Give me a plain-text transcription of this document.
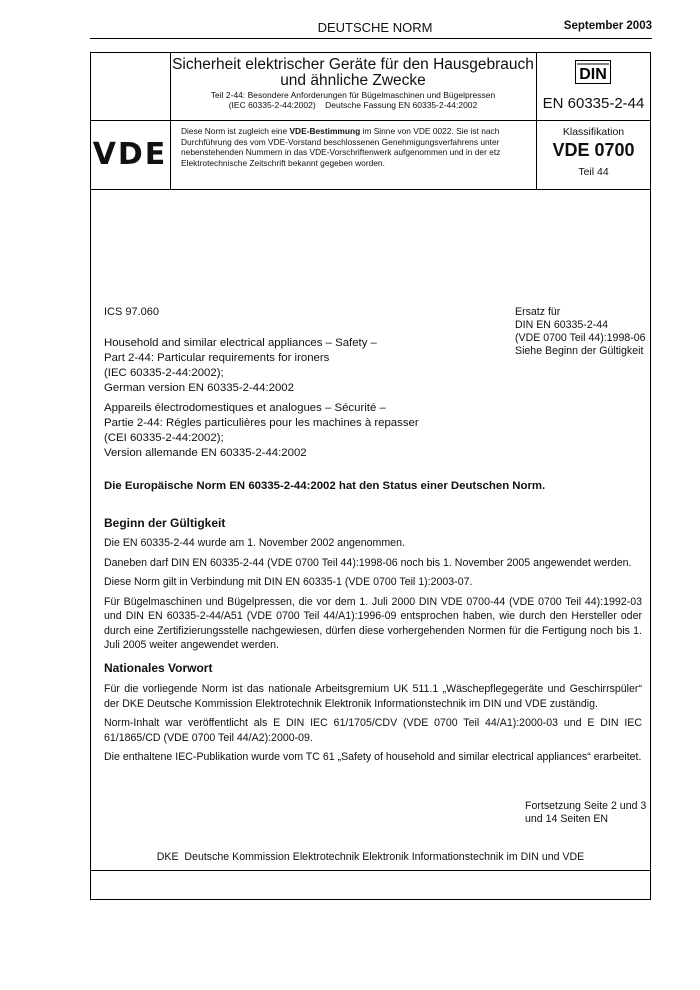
DEUTSCHE NORM	September 2003
Sicherheit elektrischer Geräte für den Hausgebrauch
und ähnliche Zwecke
Teil 2-44: Besondere Anforderungen für Bügelmaschinen und Bügelpressen
(IEC 60335-2-44:2002)    Deutsche Fassung EN 60335-2-44:2002
DIN
EN 60335-2-44
VDE
Diese Norm ist zugleich eine VDE-Bestimmung im Sinne von VDE 0022. Sie ist nach
Durchführung des vom VDE-Vorstand beschlossenen Genehmigungsverfahrens unter
nebenstehenden Nummern in das VDE-Vorschriftenwerk aufgenommen und in der etz
Elektrotechnische Zeitschrift bekannt gegeben worden.
Klassifikation
VDE 0700
Teil 44
ICS 97.060
Household and similar electrical appliances – Safety –
Part 2-44: Particular requirements for ironers
(IEC 60335-2-44:2002);
German version EN 60335-2-44:2002
Appareils électrodomestiques et analogues – Sécurité –
Partie 2-44: Régles particulières pour les machines à repasser
(CEI 60335-2-44:2002);
Version allemande EN 60335-2-44:2002
Ersatz für
DIN EN 60335-2-44
(VDE 0700 Teil 44):1998-06
Siehe Beginn der Gültigkeit
Die Europäische Norm EN 60335-2-44:2002 hat den Status einer Deutschen Norm.
Beginn der Gültigkeit

Die EN 60335-2-44 wurde am 1. November 2002 angenommen.

Daneben darf DIN EN 60335-2-44 (VDE 0700 Teil 44):1998-06 noch bis 1. November 2005 angewendet werden.

Diese Norm gilt in Verbindung mit DIN EN 60335-1 (VDE 0700 Teil 1):2003-07.

Für Bügelmaschinen und Bügelpressen, die vor dem 1. Juli 2000 DIN VDE 0700-44 (VDE 0700 Teil 44):1992-03 und DIN EN 60335-2-44/A51 (VDE 0700 Teil 44/A1):1996-09 entsprochen haben, wie durch den Hersteller oder durch eine Zertifizierungsstelle nachgewiesen, dürfen diese vorhergehenden Normen für die Fertigung noch bis 1. Juli 2005 weiter angewendet werden.

Nationales Vorwort

Für die vorliegende Norm ist das nationale Arbeitsgremium UK 511.1 „Wäschepflegegeräte und Geschirrspüler“ der DKE Deutsche Kommission Elektrotechnik Elektronik Informationstechnik im DIN und VDE zuständig.

Norm-Inhalt war veröffentlicht als E DIN IEC 61/1705/CDV (VDE 0700 Teil 44/A1):2000-03 und E DIN IEC 61/1865/CD (VDE 0700 Teil 44/A2):2000-09.

Die enthaltene IEC-Publikation wurde vom TC 61 „Safety of household and similar electrical appliances“ erarbeitet.

Fortsetzung Seite 2 und 3
und 14 Seiten EN
DKE  Deutsche Kommission Elektrotechnik Elektronik Informationstechnik im DIN und VDE
